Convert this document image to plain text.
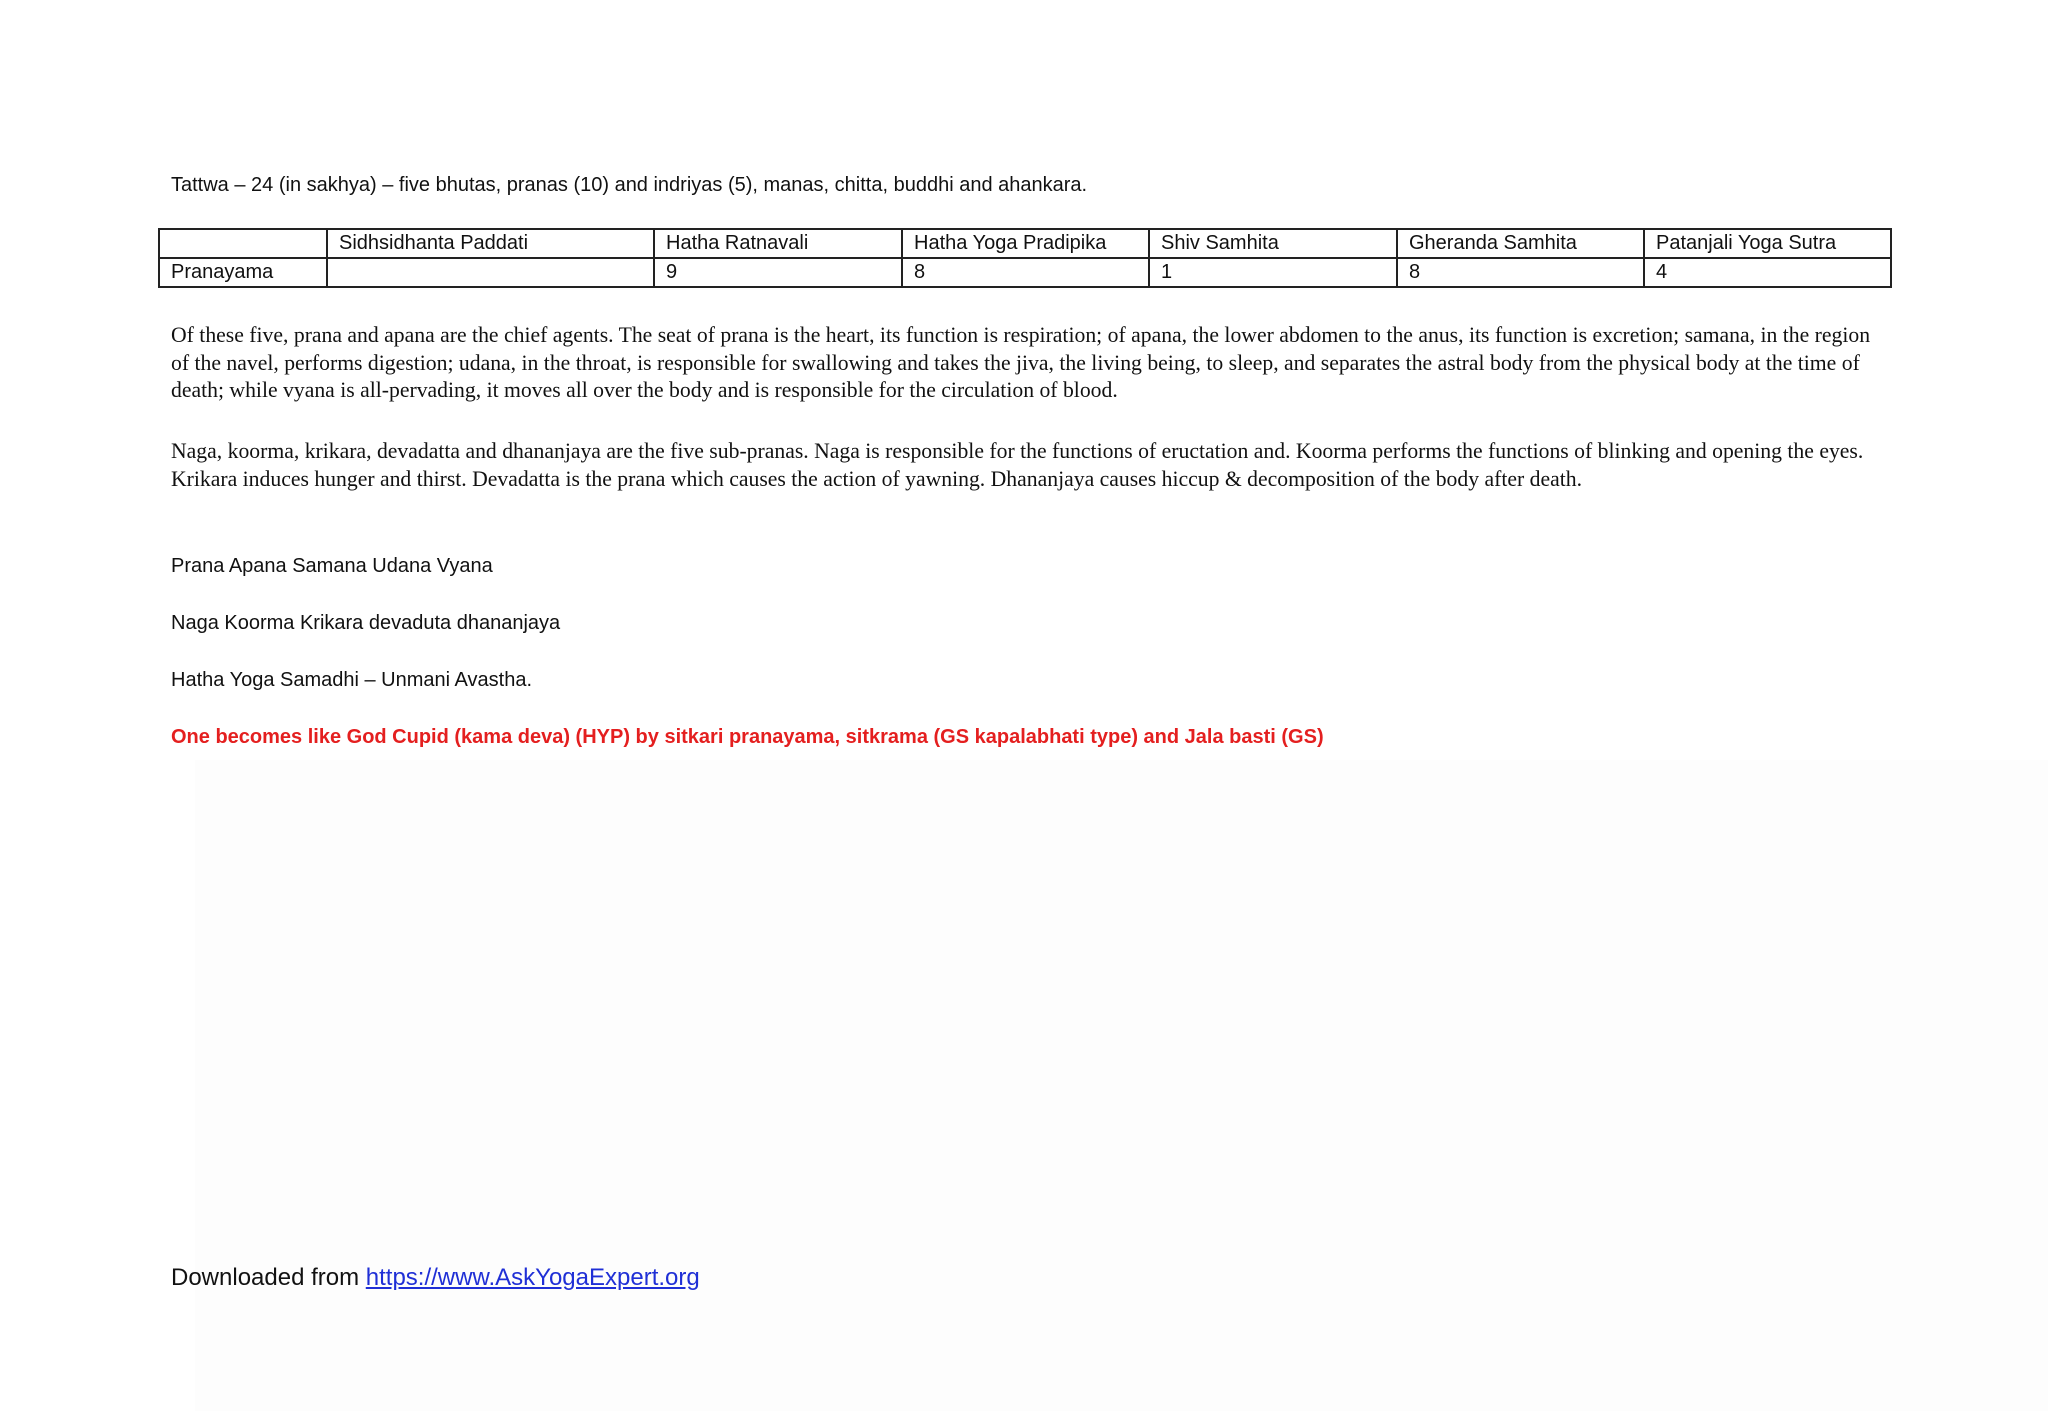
Tattwa – 24 (in sakhya) – five bhutas, pranas (10) and indriyas (5), manas, chitta, buddhi and ahankara.
	Sidhsidhanta Paddati	Hatha Ratnavali	Hatha Yoga Pradipika	Shiv Samhita	Gheranda Samhita	Patanjali Yoga Sutra
Pranayama		9	8	1	8	4
Of these five, prana and apana are the chief agents. The seat of prana is the heart, its function is respiration; of apana, the lower abdomen to the anus, its function is excretion; samana, in the region of the navel, performs digestion; udana, in the throat, is responsible for swallowing and takes the jiva, the living being, to sleep, and separates the astral body from the physical body at the time of death; while vyana is all-pervading, it moves all over the body and is responsible for the circulation of blood.
Naga, koorma, krikara, devadatta and dhananjaya are the five sub-pranas. Naga is responsible for the functions of eructation and. Koorma performs the functions of blinking and opening the eyes. Krikara induces hunger and thirst. Devadatta is the prana which causes the action of yawning. Dhananjaya causes hiccup & decomposition of the body after death.
Prana Apana Samana Udana Vyana
Naga Koorma Krikara devaduta dhananjaya
Hatha Yoga Samadhi – Unmani Avastha.
One becomes like God Cupid (kama deva) (HYP) by sitkari pranayama, sitkrama (GS kapalabhati type) and Jala basti (GS)
Downloaded from https://www.AskYogaExpert.org
